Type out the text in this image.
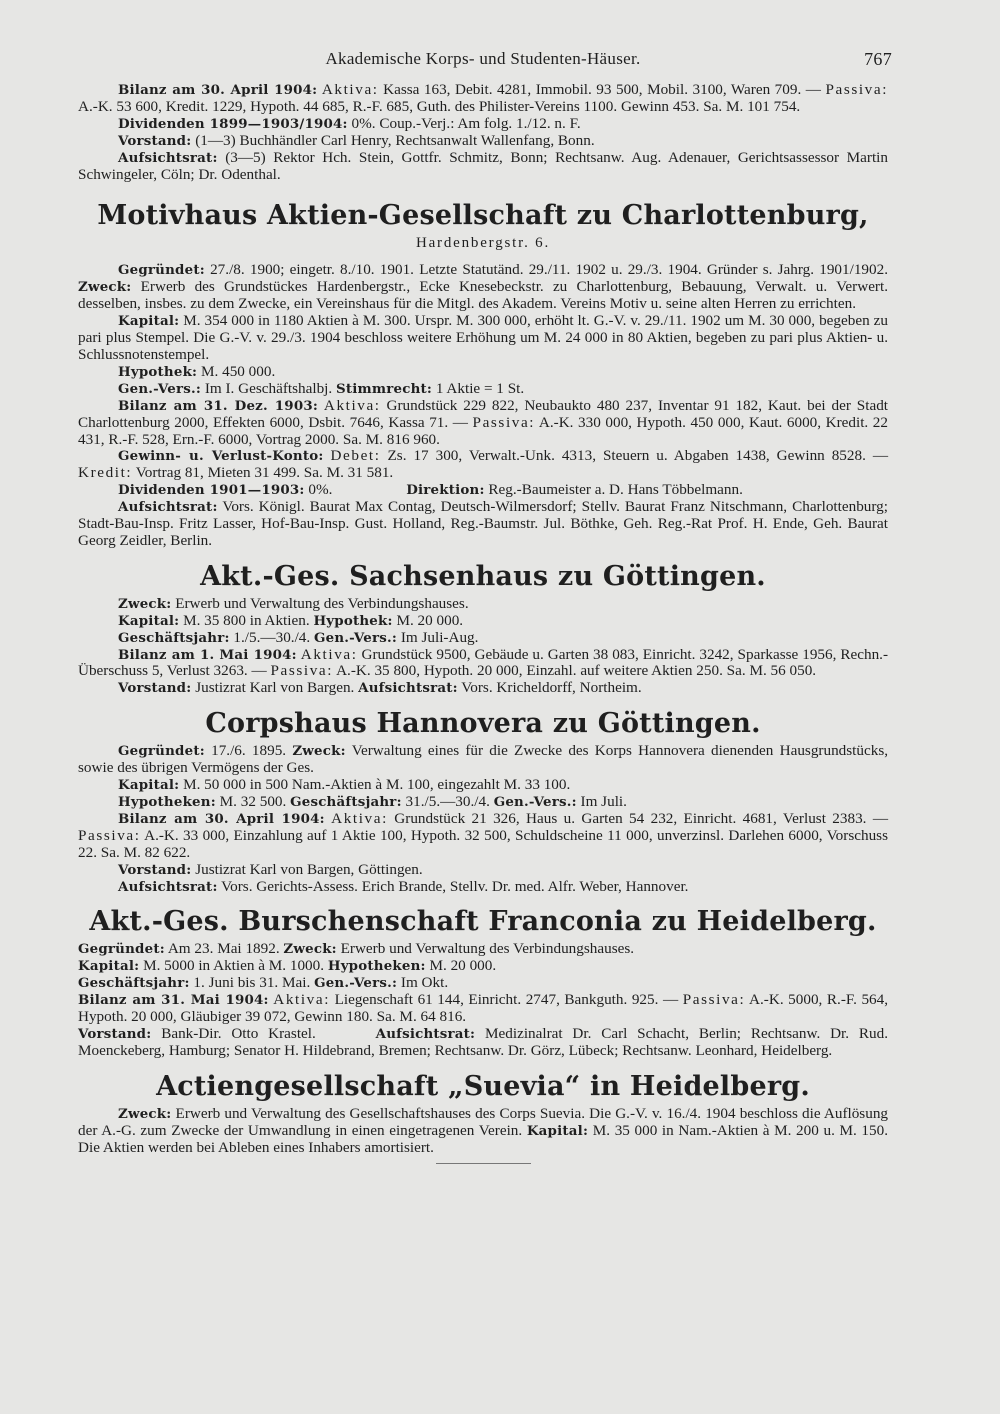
Akademische Korps- und Studenten-Häuser.	767

Bilanz am 30. April 1904: Aktiva: Kassa 163, Debit. 4281, Immobil. 93 500, Mobil. 3100, Waren 709. — Passiva: A.-K. 53 600, Kredit. 1229, Hypoth. 44 685, R.-F. 685, Guth. des Philister-Vereins 1100. Gewinn 453. Sa. M. 101 754.

Dividenden 1899—1903/1904: 0%. Coup.-Verj.: Am folg. 1./12. n. F.

Vorstand: (1—3) Buchhändler Carl Henry, Rechtsanwalt Wallenfang, Bonn.

Aufsichtsrat: (3—5) Rektor Hch. Stein, Gottfr. Schmitz, Bonn; Rechtsanw. Aug. Adenauer, Gerichtsassessor Martin Schwingeler, Cöln; Dr. Odenthal.

Motivhaus Aktien-Gesellschaft zu Charlottenburg,
Hardenbergstr. 6.

Gegründet: 27./8. 1900; eingetr. 8./10. 1901. Letzte Statutänd. 29./11. 1902 u. 29./3. 1904. Gründer s. Jahrg. 1901/1902. Zweck: Erwerb des Grundstückes Hardenbergstr., Ecke Knesebeckstr. zu Charlottenburg, Bebauung, Verwalt. u. Verwert. desselben, insbes. zu dem Zwecke, ein Vereinshaus für die Mitgl. des Akadem. Vereins Motiv u. seine alten Herren zu errichten.

Kapital: M. 354 000 in 1180 Aktien à M. 300. Urspr. M. 300 000, erhöht lt. G.-V. v. 29./11. 1902 um M. 30 000, begeben zu pari plus Stempel. Die G.-V. v. 29./3. 1904 beschloss weitere Erhöhung um M. 24 000 in 80 Aktien, begeben zu pari plus Aktien- u. Schlussnotenstempel.

Hypothek: M. 450 000.

Gen.-Vers.: Im I. Geschäftshalbj. Stimmrecht: 1 Aktie = 1 St.

Bilanz am 31. Dez. 1903: Aktiva: Grundstück 229 822, Neubaukto 480 237, Inventar 91 182, Kaut. bei der Stadt Charlottenburg 2000, Effekten 6000, Dsbit. 7646, Kassa 71. — Passiva: A.-K. 330 000, Hypoth. 450 000, Kaut. 6000, Kredit. 22 431, R.-F. 528, Ern.-F. 6000, Vortrag 2000. Sa. M. 816 960.

Gewinn- u. Verlust-Konto: Debet: Zs. 17 300, Verwalt.-Unk. 4313, Steuern u. Abgaben 1438, Gewinn 8528. — Kredit: Vortrag 81, Mieten 31 499. Sa. M. 31 581.

Dividenden 1901—1903: 0%.	Direktion: Reg.-Baumeister a. D. Hans Többelmann.

Aufsichtsrat: Vors. Königl. Baurat Max Contag, Deutsch-Wilmersdorf; Stellv. Baurat Franz Nitschmann, Charlottenburg; Stadt-Bau-Insp. Fritz Lasser, Hof-Bau-Insp. Gust. Holland, Reg.-Baumstr. Jul. Böthke, Geh. Reg.-Rat Prof. H. Ende, Geh. Baurat Georg Zeidler, Berlin.

Akt.-Ges. Sachsenhaus zu Göttingen.

Zweck: Erwerb und Verwaltung des Verbindungshauses.

Kapital: M. 35 800 in Aktien. Hypothek: M. 20 000.

Geschäftsjahr: 1./5.—30./4. Gen.-Vers.: Im Juli-Aug.

Bilanz am 1. Mai 1904: Aktiva: Grundstück 9500, Gebäude u. Garten 38 083, Einricht. 3242, Sparkasse 1956, Rechn.-Überschuss 5, Verlust 3263. — Passiva: A.-K. 35 800, Hypoth. 20 000, Einzahl. auf weitere Aktien 250. Sa. M. 56 050.

Vorstand: Justizrat Karl von Bargen. Aufsichtsrat: Vors. Kricheldorff, Northeim.

Corpshaus Hannovera zu Göttingen.

Gegründet: 17./6. 1895. Zweck: Verwaltung eines für die Zwecke des Korps Hannovera dienenden Hausgrundstücks, sowie des übrigen Vermögens der Ges.

Kapital: M. 50 000 in 500 Nam.-Aktien à M. 100, eingezahlt M. 33 100.

Hypotheken: M. 32 500. Geschäftsjahr: 31./5.—30./4. Gen.-Vers.: Im Juli.

Bilanz am 30. April 1904: Aktiva: Grundstück 21 326, Haus u. Garten 54 232, Einricht. 4681, Verlust 2383. — Passiva: A.-K. 33 000, Einzahlung auf 1 Aktie 100, Hypoth. 32 500, Schuldscheine 11 000, unverzinsl. Darlehen 6000, Vorschuss 22. Sa. M. 82 622.

Vorstand: Justizrat Karl von Bargen, Göttingen.

Aufsichtsrat: Vors. Gerichts-Assess. Erich Brande, Stellv. Dr. med. Alfr. Weber, Hannover.

Akt.-Ges. Burschenschaft Franconia zu Heidelberg.

Gegründet: Am 23. Mai 1892. Zweck: Erwerb und Verwaltung des Verbindungshauses.

Kapital: M. 5000 in Aktien à M. 1000. Hypotheken: M. 20 000.

Geschäftsjahr: 1. Juni bis 31. Mai. Gen.-Vers.: Im Okt.

Bilanz am 31. Mai 1904: Aktiva: Liegenschaft 61 144, Einricht. 2747, Bankguth. 925. — Passiva: A.-K. 5000, R.-F. 564, Hypoth. 20 000, Gläubiger 39 072, Gewinn 180. Sa. M. 64 816.

Vorstand: Bank-Dir. Otto Krastel.	Aufsichtsrat: Medizinalrat Dr. Carl Schacht, Berlin; Rechtsanw. Dr. Rud. Moenckeberg, Hamburg; Senator H. Hildebrand, Bremen; Rechtsanw. Dr. Görz, Lübeck; Rechtsanw. Leonhard, Heidelberg.

Actiengesellschaft „Suevia“ in Heidelberg.

Zweck: Erwerb und Verwaltung des Gesellschaftshauses des Corps Suevia. Die G.-V. v. 16./4. 1904 beschloss die Auflösung der A.-G. zum Zwecke der Umwandlung in einen eingetragenen Verein. Kapital: M. 35 000 in Nam.-Aktien à M. 200 u. M. 150. Die Aktien werden bei Ableben eines Inhabers amortisiert.
